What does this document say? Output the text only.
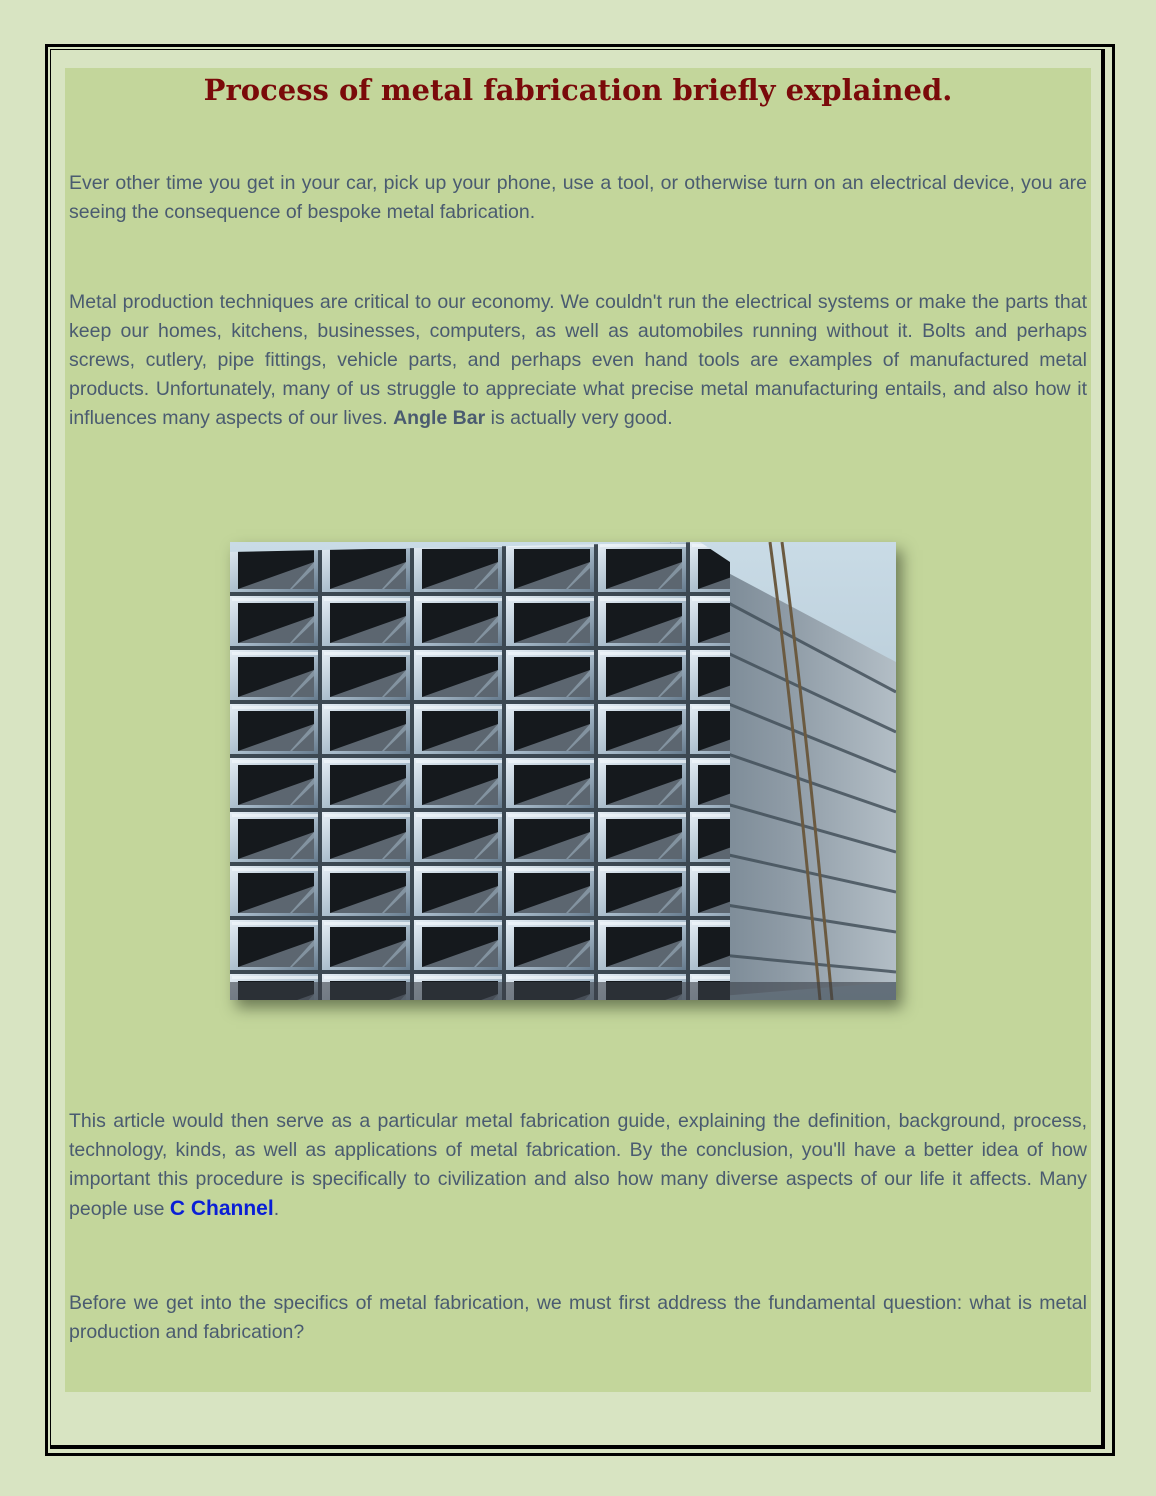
Process of metal fabrication briefly explained.

Ever other time you get in your car, pick up your phone, use a tool, or otherwise turn on an electrical device, you are seeing the consequence of bespoke metal fabrication.

Metal production techniques are critical to our economy. We couldn't run the electrical systems or make the parts that keep our homes, kitchens, businesses, computers, as well as automobiles running without it. Bolts and perhaps screws, cutlery, pipe fittings, vehicle parts, and perhaps even hand tools are examples of manufactured metal products. Unfortunately, many of us struggle to appreciate what precise metal manufacturing entails, and also how it influences many aspects of our lives. Angle Bar is actually very good.

This article would then serve as a particular metal fabrication guide, explaining the definition, background, process, technology, kinds, as well as applications of metal fabrication. By the conclusion, you'll have a better idea of how important this procedure is specifically to civilization and also how many diverse aspects of our life it affects. Many people use C Channel.

Before we get into the specifics of metal fabrication, we must first address the fundamental question: what is metal production and fabrication?
